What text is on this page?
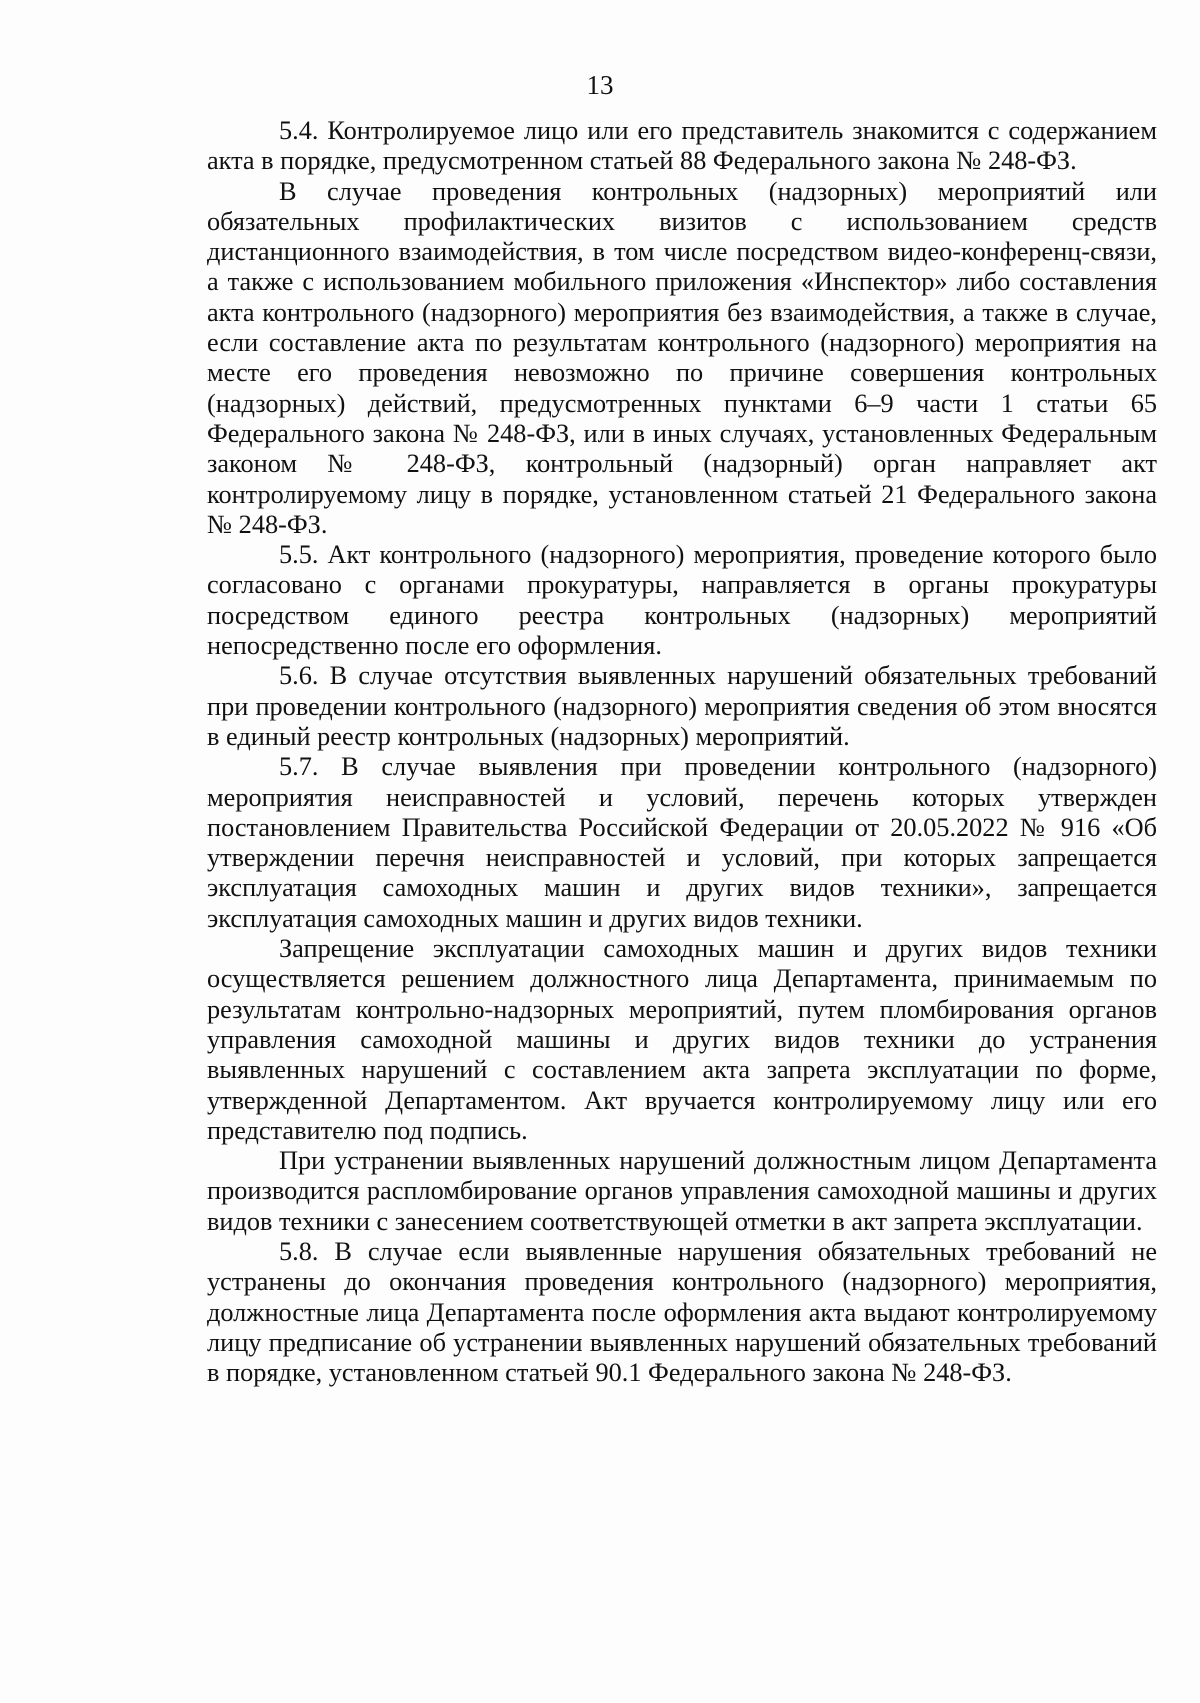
13

5.4. Контролируемое лицо или его представитель знакомится с содержанием акта в порядке, предусмотренном статьей 88 Федерального закона № 248-ФЗ.

В случае проведения контрольных (надзорных) мероприятий или обязательных профилактических визитов с использованием средств дистанционного взаимодействия, в том числе посредством видео-конференц-связи, а также с использованием мобильного приложения «Инспектор» либо составления акта контрольного (надзорного) мероприятия без взаимодействия, а также в случае, если составление акта по результатам контрольного (надзорного) мероприятия на месте его проведения невозможно по причине совершения контрольных (надзорных) действий, предусмотренных пунктами 6–9 части 1 статьи 65 Федерального закона № 248-ФЗ, или в иных случаях, установленных Федеральным законом № 248-ФЗ, контрольный (надзорный) орган направляет акт контролируемому лицу в порядке, установленном статьей 21 Федерального закона № 248-ФЗ.

5.5. Акт контрольного (надзорного) мероприятия, проведение которого было согласовано с органами прокуратуры, направляется в органы прокуратуры посредством единого реестра контрольных (надзорных) мероприятий непосредственно после его оформления.

5.6. В случае отсутствия выявленных нарушений обязательных требований при проведении контрольного (надзорного) мероприятия сведения об этом вносятся в единый реестр контрольных (надзорных) мероприятий.

5.7. В случае выявления при проведении контрольного (надзорного) мероприятия неисправностей и условий, перечень которых утвержден постановлением Правительства Российской Федерации от 20.05.2022 № 916 «Об утверждении перечня неисправностей и условий, при которых запрещается эксплуатация самоходных машин и других видов техники», запрещается эксплуатация самоходных машин и других видов техники.

Запрещение эксплуатации самоходных машин и других видов техники осуществляется решением должностного лица Департамента, принимаемым по результатам контрольно-надзорных мероприятий, путем пломбирования органов управления самоходной машины и других видов техники до устранения выявленных нарушений с составлением акта запрета эксплуатации по форме, утвержденной Департаментом. Акт вручается контролируемому лицу или его представителю под подпись.

При устранении выявленных нарушений должностным лицом Департамента производится распломбирование органов управления самоходной машины и других видов техники с занесением соответствующей отметки в акт запрета эксплуатации.

5.8. В случае если выявленные нарушения обязательных требований не устранены до окончания проведения контрольного (надзорного) мероприятия, должностные лица Департамента после оформления акта выдают контролируемому лицу предписание об устранении выявленных нарушений обязательных требований в порядке, установленном статьей 90.1 Федерального закона № 248-ФЗ.
